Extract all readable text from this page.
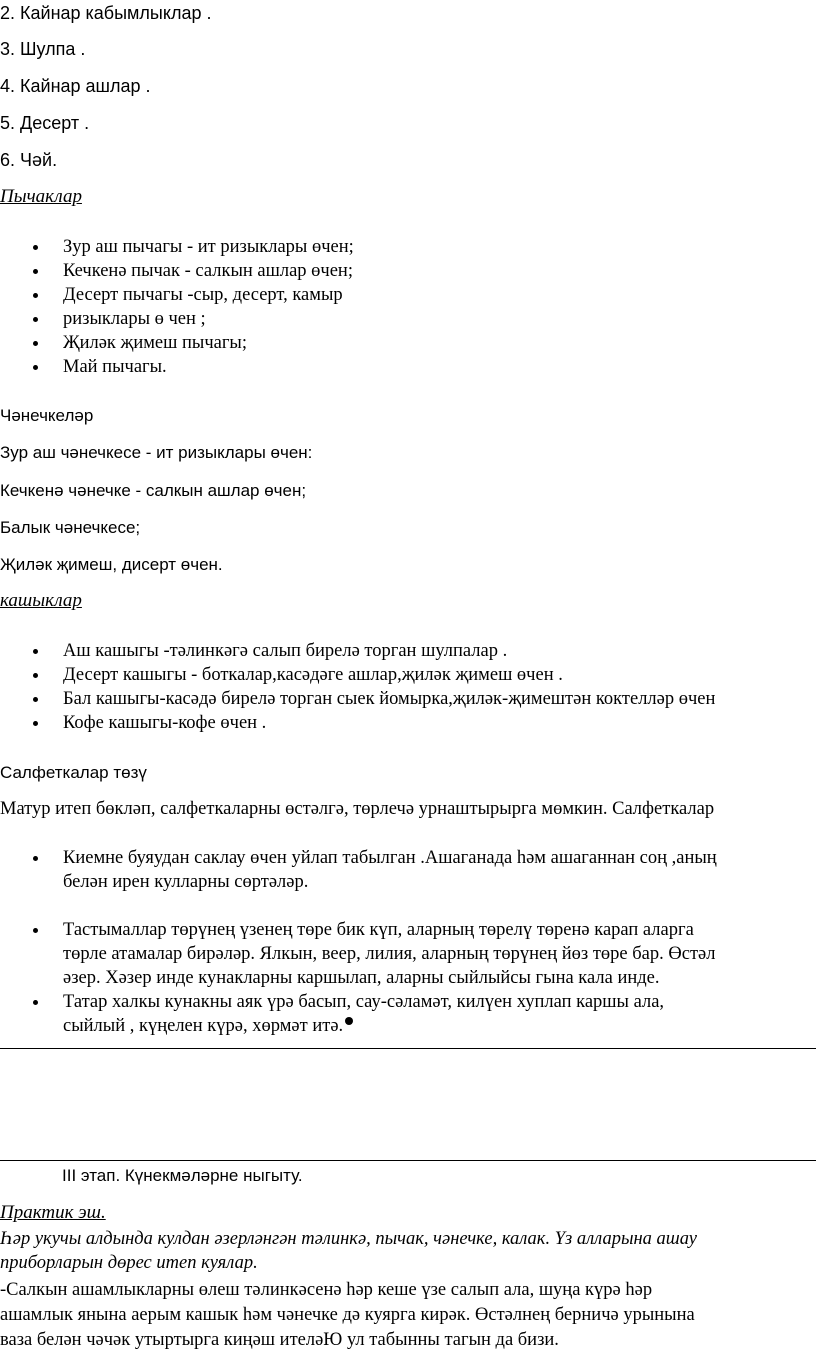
2. Кайнар кабымлыклар .
3. Шулпа .
4. Кайнар ашлар .
5. Десерт .
6. Чәй.
Пычаклар
Зур аш пычагы - ит ризыклары өчен;
Кечкенә пычак - салкын ашлар өчен;
Десерт пычагы -сыр, десерт, камыр
ризыклары ө чен ;
Җиләк җимеш пычагы;
Май пычагы.
Чәнечкеләр
Зур аш чәнечкесе - ит ризыклары өчен:
Кечкенә чәнечке - салкын ашлар өчен;
Балык чәнечкесе;
Җиләк җимеш, дисерт өчен.
кашыклар
Аш кашыгы -тәлинкәгә салып бирелә торган шулпалар .
Десерт кашыгы - боткалар,касәдәге ашлар,җиләк җимеш өчен .
Бал кашыгы-касәдә бирелә торган сыек йомырка,җиләк-җимештән коктелләр өчен
Кофе кашыгы-кофе өчен .
Салфеткалар төзү
Матур итеп бөкләп, салфеткаларны өстәлгә, төрлечә урнаштырырга мөмкин. Салфеткалар
Киемне буяудан саклау өчен уйлап табылган .Ашаганада һәм ашаганнан соң ,аның
белән ирен кулларны сөртәләр.
Тастымаллар төрүнең үзенең төре бик күп, аларның төрелү төренә карап аларга
төрле атамалар бирәләр. Ялкын, веер, лилия, аларның төрүнең йөз төре бар. Өстәл
әзер. Хәзер инде кунакларны каршылап, аларны сыйлыйсы гына кала инде.
Татар халкы кунакны аяк үрә басып, сау-сәламәт, килүен хуплап каршы ала,
сыйлый , күңелен күрә, хөрмәт итә.
III этап. Күнекмәләрне ныгыту.
Практик эш.
Һәр укучы алдында кулдан әзерләнгән тәлинкә, пычак, чәнечке, калак. Үз алларына ашау
приборларын дөрес итеп куялар.
-Салкын ашамлыкларны өлеш тәлинкәсенә һәр кеше үзе салып ала, шуңа күрә һәр
ашамлык янына аерым кашык һәм чәнечке дә куярга кирәк. Өстәлнең берничә урынына
ваза белән чәчәк утыртырга киңәш итeләЮ ул табынны тагын да бизи.
